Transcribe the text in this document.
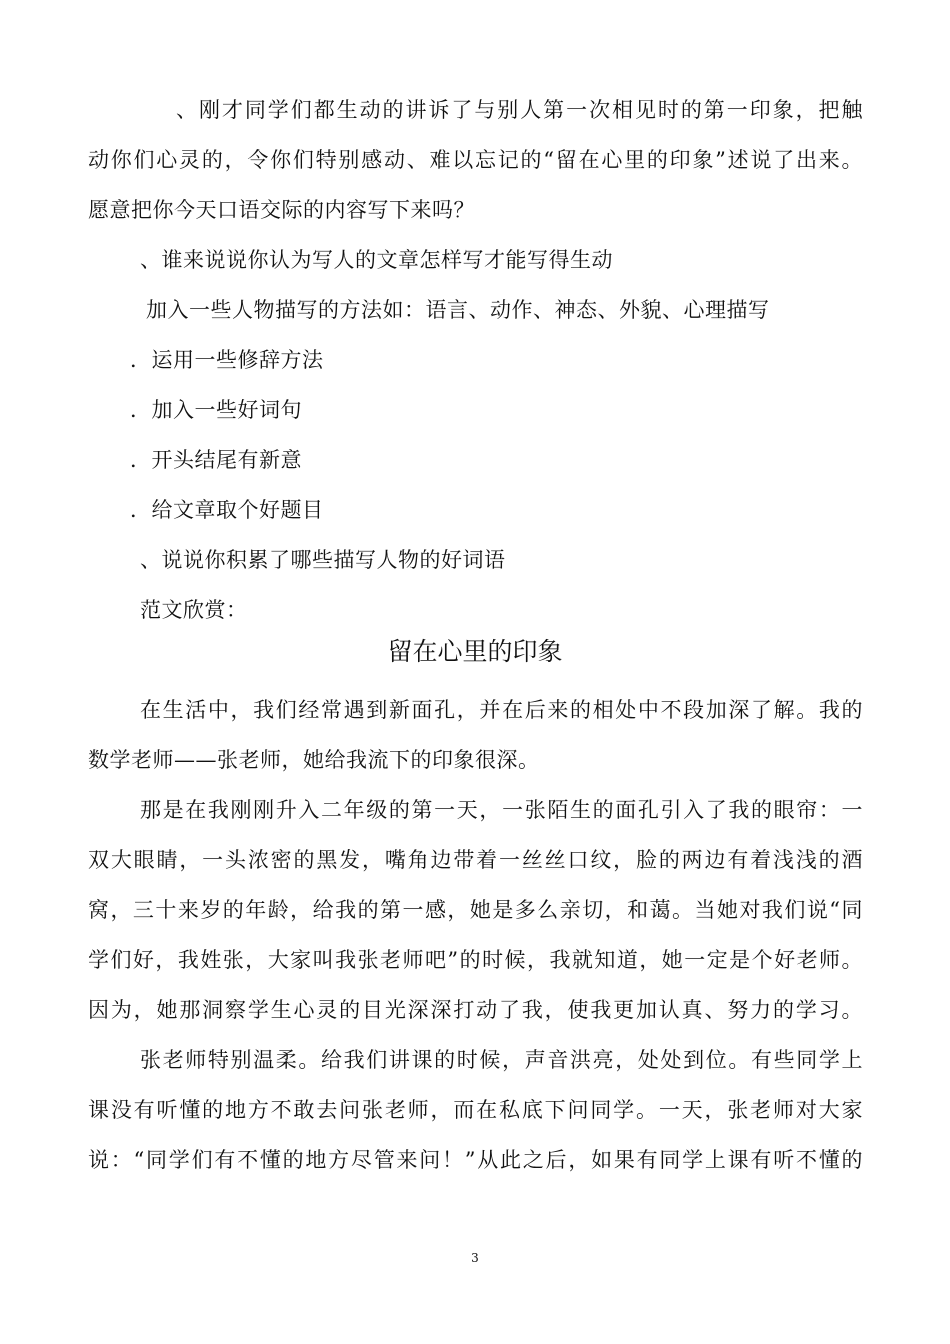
、刚才同学们都生动的讲诉了与别人第一次相见时的第一印象，把触
动你们心灵的，令你们特别感动、难以忘记的“留在心里的印象”述说了出来。
愿意把你今天口语交际的内容写下来吗？
、谁来说说你认为写人的文章怎样写才能写得生动
加入一些人物描写的方法如：语言、动作、神态、外貌、心理描写
．运用一些修辞方法
．加入一些好词句
．开头结尾有新意
．给文章取个好题目
、说说你积累了哪些描写人物的好词语
范文欣赏：
留在心里的印象
在生活中，我们经常遇到新面孔，并在后来的相处中不段加深了解。我的
数学老师——张老师，她给我流下的印象很深。
那是在我刚刚升入二年级的第一天，一张陌生的面孔引入了我的眼帘：一
双大眼睛，一头浓密的黑发，嘴角边带着一丝丝口纹，脸的两边有着浅浅的酒
窝，三十来岁的年龄，给我的第一感，她是多么亲切，和蔼。当她对我们说“同
学们好，我姓张，大家叫我张老师吧”的时候，我就知道，她一定是个好老师。
因为，她那洞察学生心灵的目光深深打动了我，使我更加认真、努力的学习。
张老师特别温柔。给我们讲课的时候，声音洪亮，处处到位。有些同学上
课没有听懂的地方不敢去问张老师，而在私底下问同学。一天，张老师对大家
说：“同学们有不懂的地方尽管来问！”从此之后，如果有同学上课有听不懂的
3
